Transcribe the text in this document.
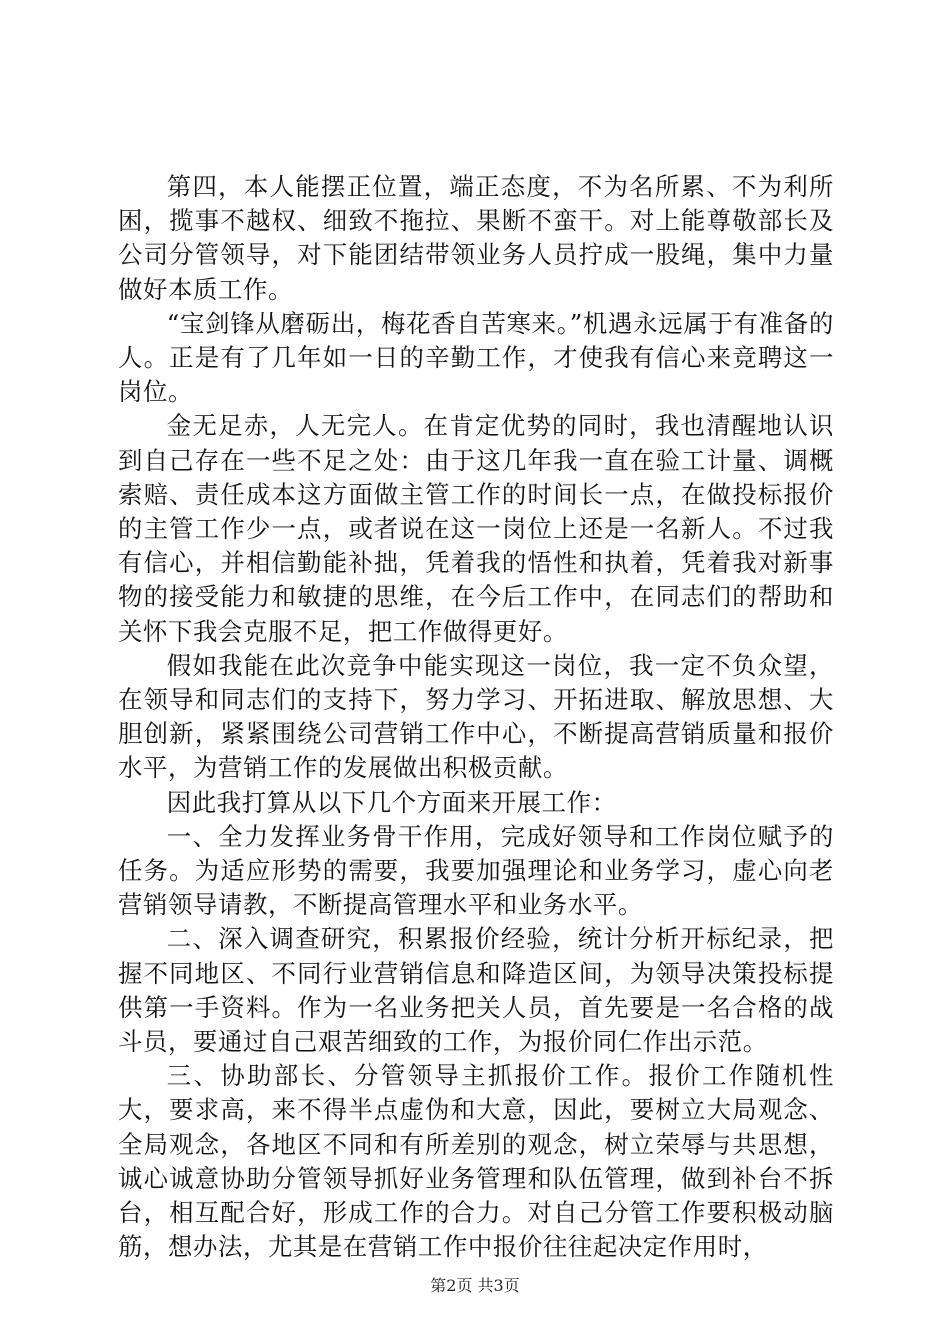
第四，本人能摆正位置，端正态度，不为名所累、不为利所困，揽事不越权、细致不拖拉、果断不蛮干。对上能尊敬部长及公司分管领导，对下能团结带领业务人员拧成一股绳，集中力量做好本质工作。

“宝剑锋从磨砺出，梅花香自苦寒来。”机遇永远属于有准备的人。正是有了几年如一日的辛勤工作，才使我有信心来竞聘这一岗位。

金无足赤，人无完人。在肯定优势的同时，我也清醒地认识到自己存在一些不足之处：由于这几年我一直在验工计量、调概索赔、责任成本这方面做主管工作的时间长一点，在做投标报价的主管工作少一点，或者说在这一岗位上还是一名新人。不过我有信心，并相信勤能补拙，凭着我的悟性和执着，凭着我对新事物的接受能力和敏捷的思维，在今后工作中，在同志们的帮助和关怀下我会克服不足，把工作做得更好。

假如我能在此次竞争中能实现这一岗位，我一定不负众望，在领导和同志们的支持下，努力学习、开拓进取、解放思想、大胆创新，紧紧围绕公司营销工作中心，不断提高营销质量和报价水平，为营销工作的发展做出积极贡献。

因此我打算从以下几个方面来开展工作：

一、全力发挥业务骨干作用，完成好领导和工作岗位赋予的任务。为适应形势的需要，我要加强理论和业务学习，虚心向老营销领导请教，不断提高管理水平和业务水平。

二、深入调查研究，积累报价经验，统计分析开标纪录，把握不同地区、不同行业营销信息和降造区间，为领导决策投标提供第一手资料。作为一名业务把关人员，首先要是一名合格的战斗员，要通过自己艰苦细致的工作，为报价同仁作出示范。

三、协助部长、分管领导主抓报价工作。报价工作随机性大，要求高，来不得半点虚伪和大意，因此，要树立大局观念、全局观念，各地区不同和有所差别的观念，树立荣辱与共思想，诚心诚意协助分管领导抓好业务管理和队伍管理，做到补台不拆台，相互配合好，形成工作的合力。对自己分管工作要积极动脑筋，想办法，尤其是在营销工作中报价往往起决定作用时，

第2页 共3页
